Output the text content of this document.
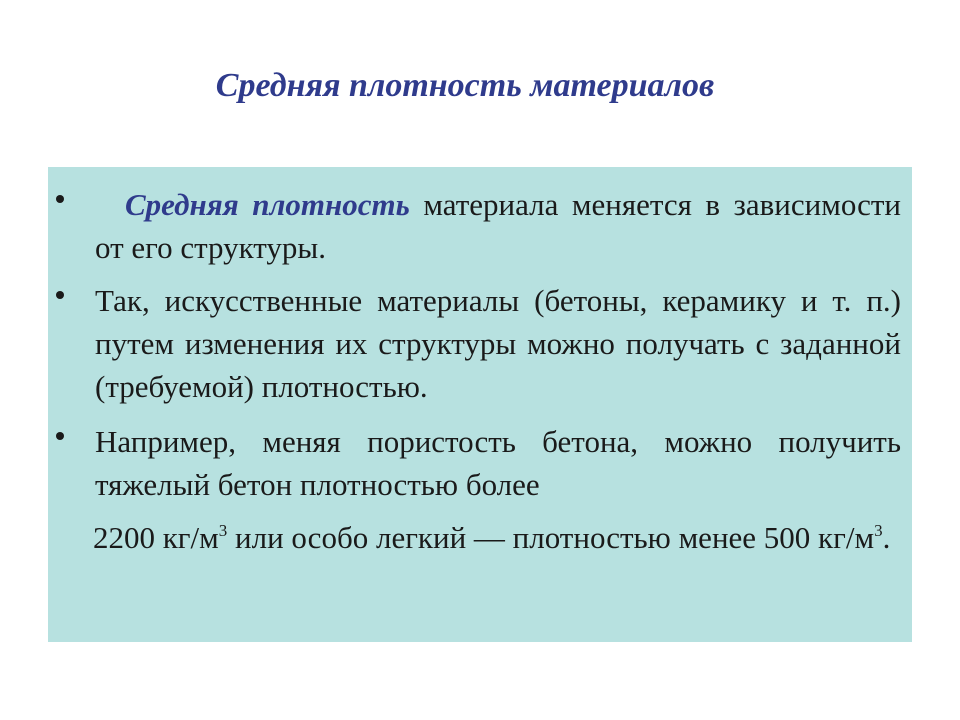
Средняя плотность материалов
Средняя плотность материала меняется в зависимости от его структуры.
Так, искусственные материалы (бетоны, керамику и т. п.) путем изменения их структуры можно получать с заданной (требуемой) плотностью.
Например, меняя пористость бетона, можно получить тяжелый бетон плотностью более
2200 $кг/м^3$ или особо легкий — плотностью менее 500 $кг/м^3$.
